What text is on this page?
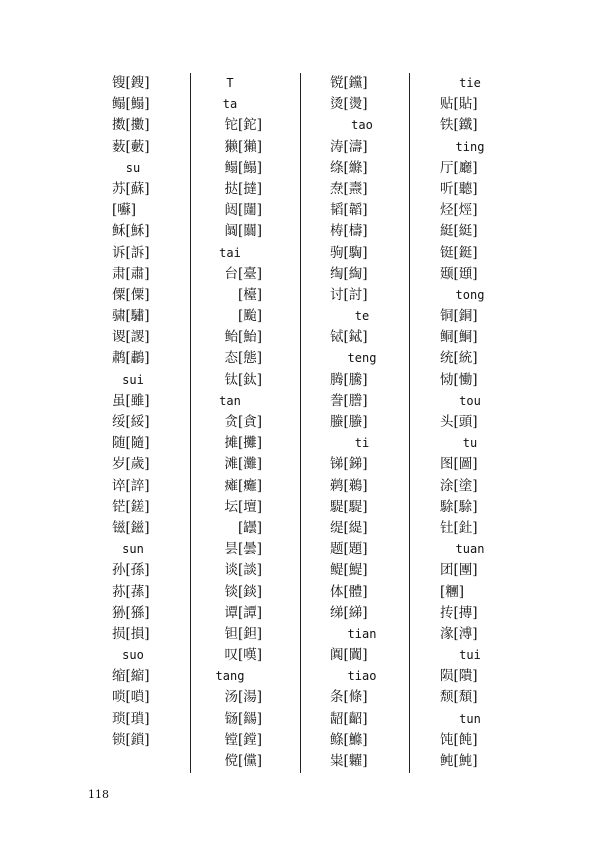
锼[鎪]
鳎[鰨]
擞[擻]
薮[藪]
su
苏[蘇]
[囌]
稣[穌]
诉[訴]
肃[肅]
僳[僳]
骕[驌]
谡[謖]
鹔[鷫]
sui
虽[雖]
绥[綏]
随[隨]
岁[歲]
谇[誶]
铓[鎈]
镃[鎡]
sun
孙[孫]
荪[蓀]
狲[猻]
损[損]
suo
缩[縮]
唢[嗩]
琐[瑣]
锁[鎖]
T
ta
铊[鉈]
獭[獺]
鳎[鰨]
挞[撻]
闼[闥]
阘[闒]
tai
台[臺]
[檯]
[颱]
鲐[鮐]
态[態]
钛[鈦]
tan
贪[貪]
摊[攤]
滩[灘]
瘫[癱]
坛[壇]
[罎]
昙[曇]
谈[談]
锬[錟]
谭[譚]
钽[鉭]
叹[嘆]
tang
汤[湯]
铴[鐋]
镗[鏜]
傥[儻]
镋[钂]
烫[燙]
tao
涛[濤]
绦[縧]
焘[燾]
韬[韜]
梼[檮]
驹[騊]
绹[綯]
讨[討]
te
铽[鋱]
teng
腾[騰]
誊[謄]
螣[螣]
ti
锑[銻]
鹈[鵜]
騠[騠]
缇[緹]
题[題]
鳀[鯷]
体[體]
绨[綈]
tian
阗[闐]
tiao
条[條]
龆[齠]
鲦[鰷]
粜[糶]
tie
贴[貼]
铁[鐵]
ting
厅[廳]
听[聽]
烃[烴]
綎[綎]
铤[鋌]
颋[頲]
tong
铜[銅]
鲖[鮦]
统[統]
恸[慟]
tou
头[頭]
tu
图[圖]
涂[塗]
駼[駼]
钍[釷]
tuan
团[團]
[糰]
抟[摶]
湪[溥]
tui
陨[隤]
颓[頹]
tun
饨[飩]
鲀[魨]
118
